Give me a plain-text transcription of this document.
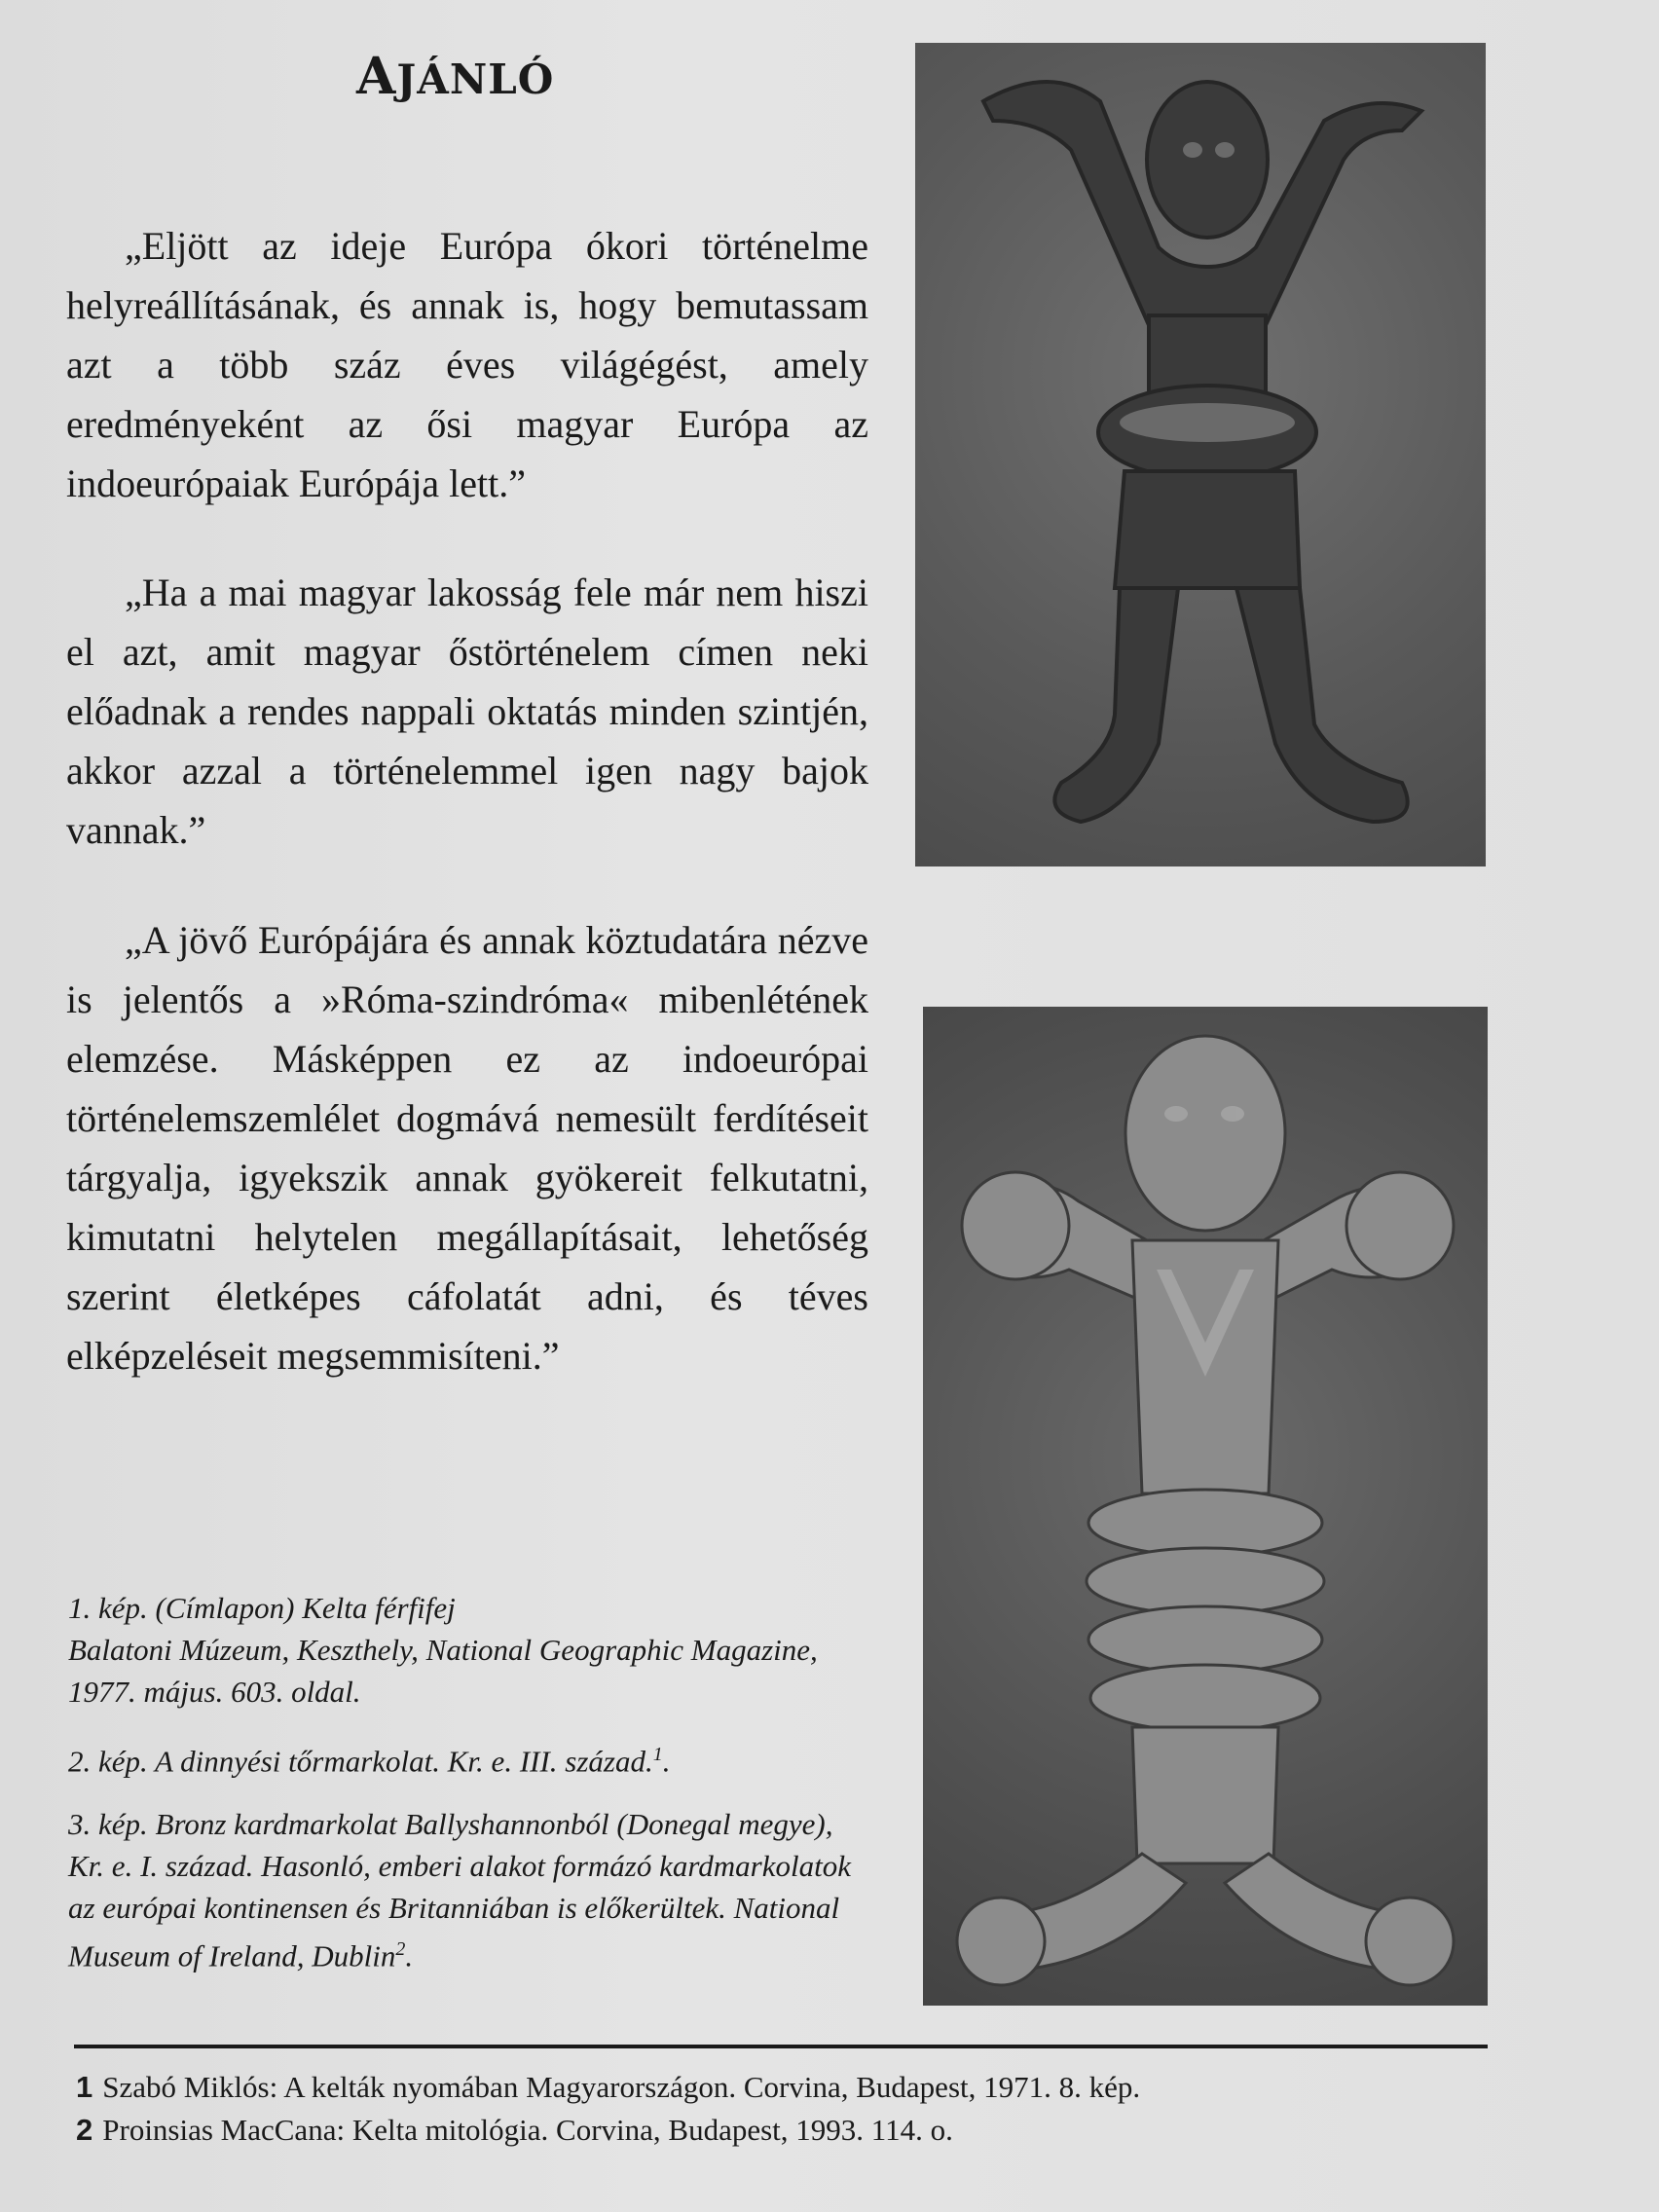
AJÁNLÓ

„Eljött az ideje Európa ókori történelme helyreállításának, és annak is, hogy bemutassam azt a több száz éves világégést, amely eredményeként az ősi magyar Európa az indoeurópaiak Európája lett.”

„Ha a mai magyar lakosság fele már nem hiszi el azt, amit magyar őstörténelem címen neki előadnak a rendes nappali oktatás minden szintjén, akkor azzal a történelemmel igen nagy bajok vannak.”

„A jövő Európájára és annak köztudatára nézve is jelentős a »Róma-szindróma« mibenlétének elemzése. Másképpen ez az indoeurópai történelemszemlélet dogmává nemesült ferdítéseit tárgyalja, igyekszik annak gyökereit felkutatni, kimutatni helytelen megállapításait, lehetőség szerint életképes cáfolatát adni, és téves elképzeléseit megsemmisíteni.”

1. kép. (Címlapon) Kelta férfifej
Balatoni Múzeum, Keszthely, National Geographic Magazine, 1977. május. 603. oldal.

2. kép. A dinnyési tőrmarkolat. Kr. e. III. század.$^1$.

3. kép. Bronz kardmarkolat Ballyshannonból (Donegal megye), Kr. e. I. század. Hasonló, emberi alakot formázó kardmarkolatok az európai kontinensen és Britanniában is előkerültek. National Museum of Ireland, Dublin$^2$.

1 Szabó Miklós: A kelták nyomában Magyarországon. Corvina, Budapest, 1971. 8. kép.
2 Proinsias MacCana: Kelta mitológia. Corvina, Budapest, 1993. 114. o.
